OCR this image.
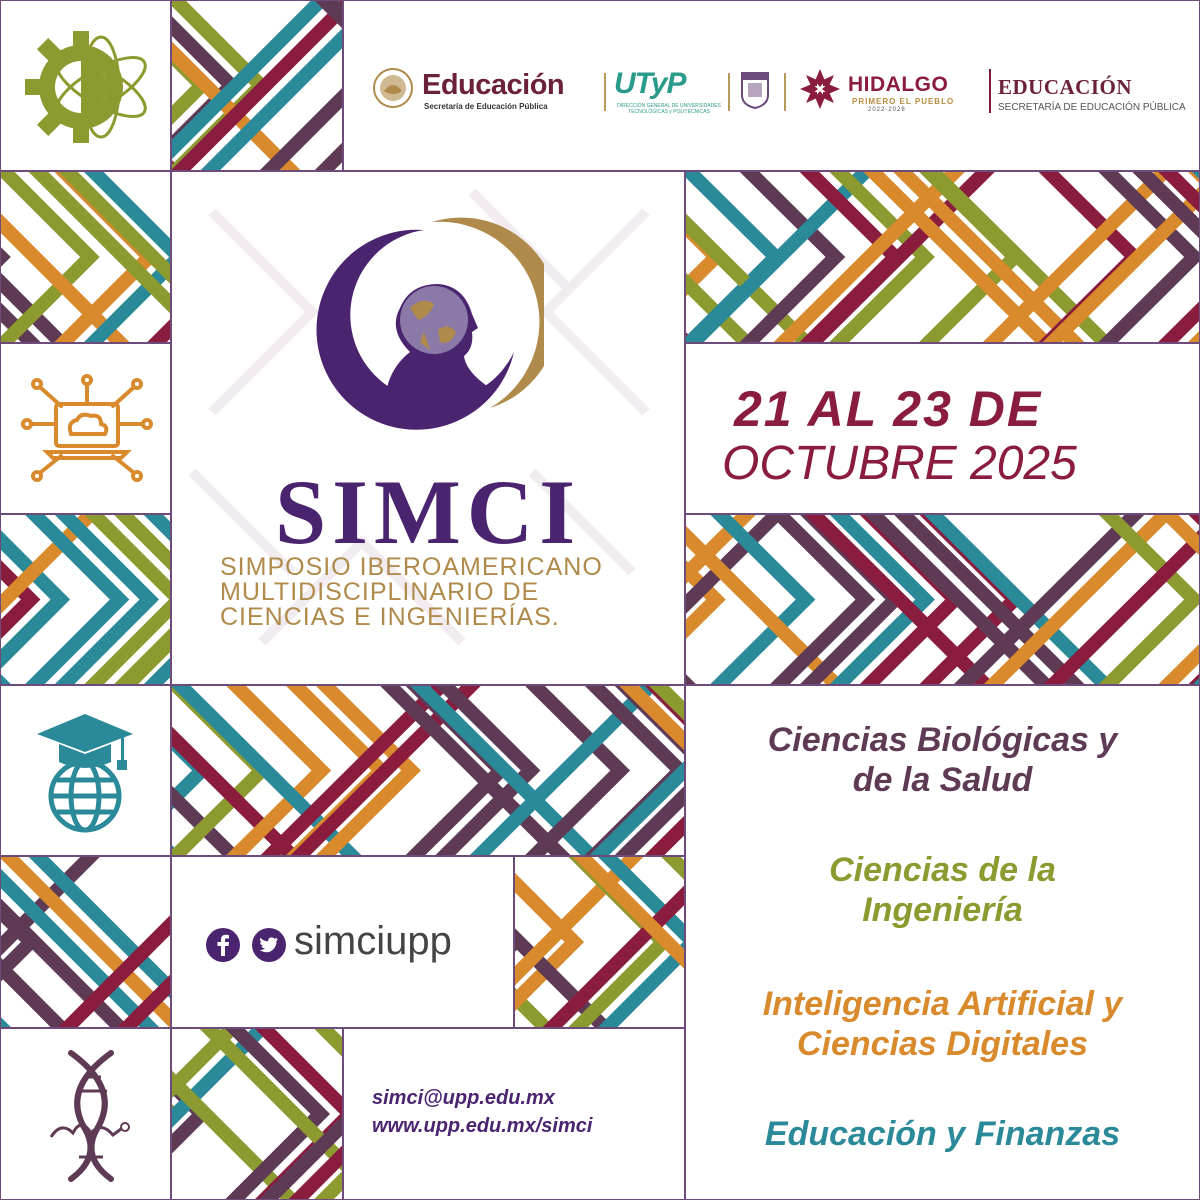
Educación
Secretaría de Educación Pública
UTyP
DIRECCIÓN GENERAL DE UNIVERSIDADES TECNOLÓGICAS y POLITÉCNICAS
HIDALGO
PRIMERO EL PUEBLO
2022-2028
EDUCACIÓN
SECRETARÍA DE EDUCACIÓN PÚBLICA
SIMCI
SIMPOSIO IBEROAMERICANO
MULTIDISCIPLINARIO DE
CIENCIAS E INGENIERÍAS.
21 AL 23 DE
OCTUBRE 2025
simciupp
simci@upp.edu.mx
www.upp.edu.mx/simci
Ciencias Biológicas y
de la Salud
Ciencias de la
Ingeniería
Inteligencia Artificial y
Ciencias Digitales
Educación y Finanzas
